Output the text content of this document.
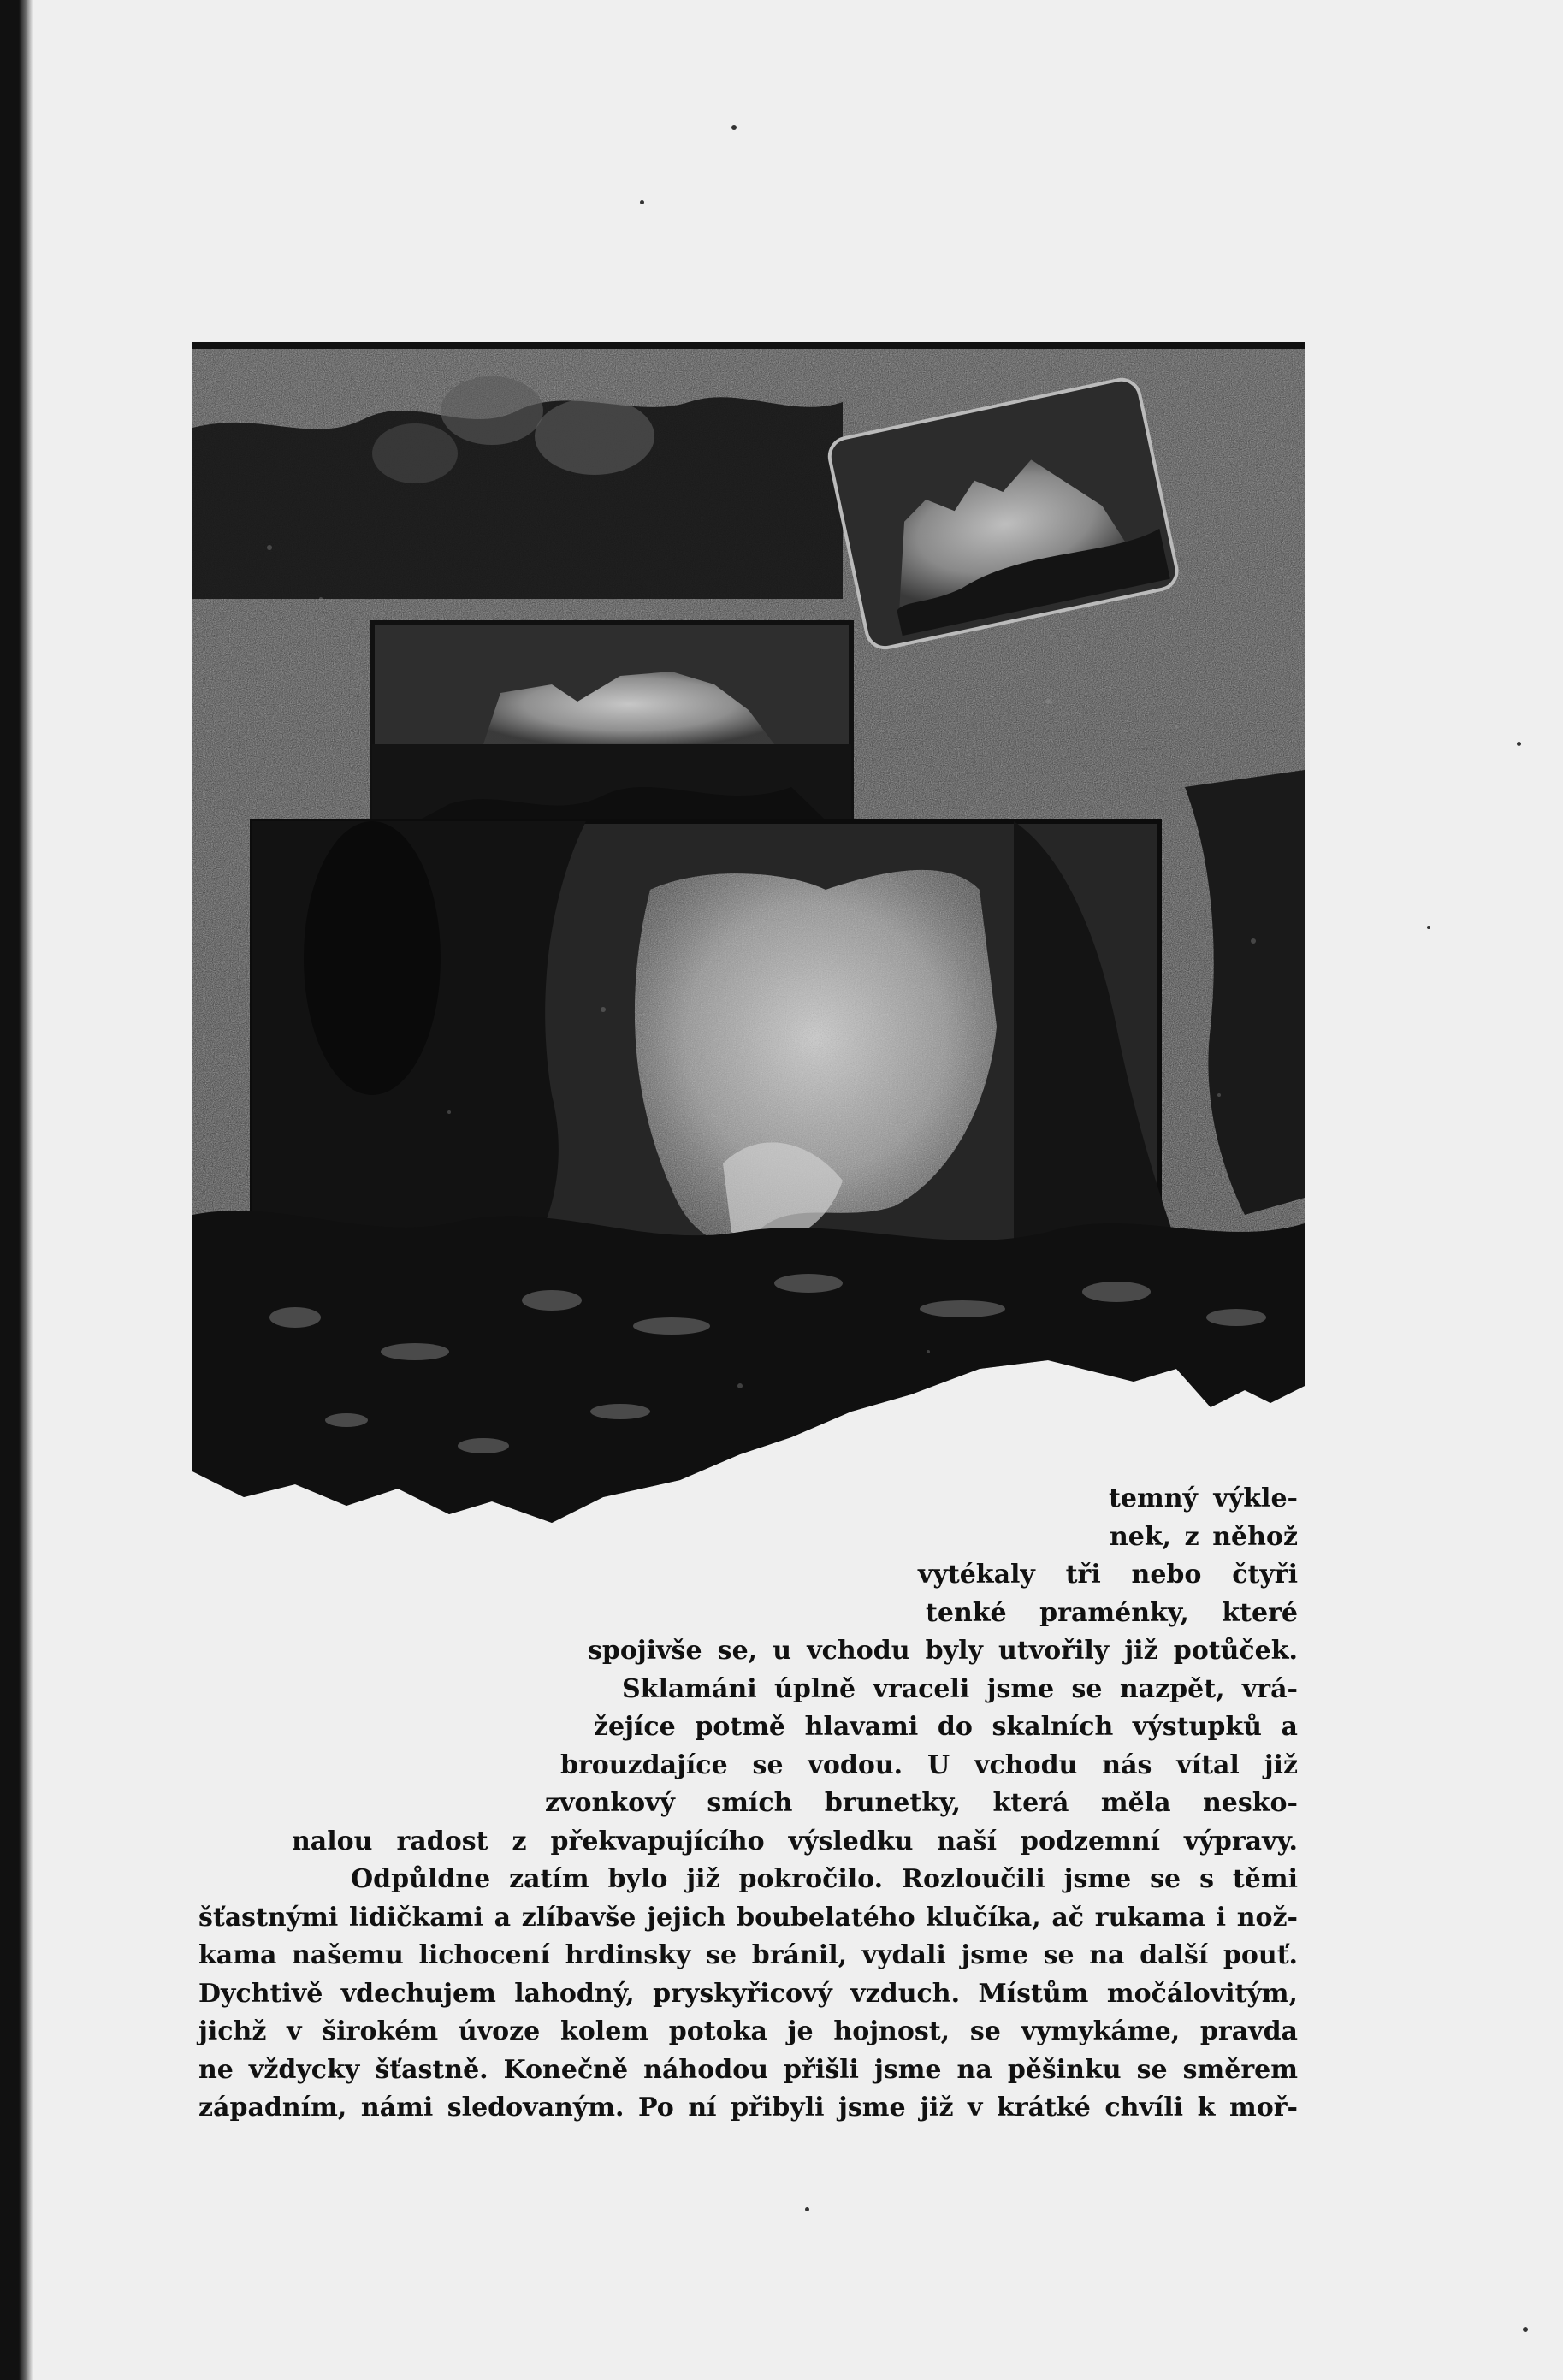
temný výkle-
nek, z něhož
vytékaly tři nebo čtyři
tenké praménky, které
spojivše se, u vchodu byly utvořily již potůček.
Sklamáni úplně vraceli jsme se nazpět, vrá-
žejíce potmě hlavami do skalních výstupků a
brouzdajíce se vodou. U vchodu nás vítal již
zvonkový smích brunetky, která měla nesko-
nalou radost z překvapujícího výsledku naší podzemní výpravy.
Odpůldne zatím bylo již pokročilo. Rozloučili jsme se s těmi
šťastnými lidičkami a zlíbavše jejich boubelatého klučíka, ač rukama i nož-
kama našemu lichocení hrdinsky se bránil, vydali jsme se na další pouť.
Dychtivě vdechujem lahodný, pryskyřicový vzduch. Místům močálovitým,
jichž v širokém úvoze kolem potoka je hojnost, se vymykáme, pravda
ne vždycky šťastně. Konečně náhodou přišli jsme na pěšinku se směrem
západním, námi sledovaným. Po ní přibyli jsme již v krátké chvíli k moř-
